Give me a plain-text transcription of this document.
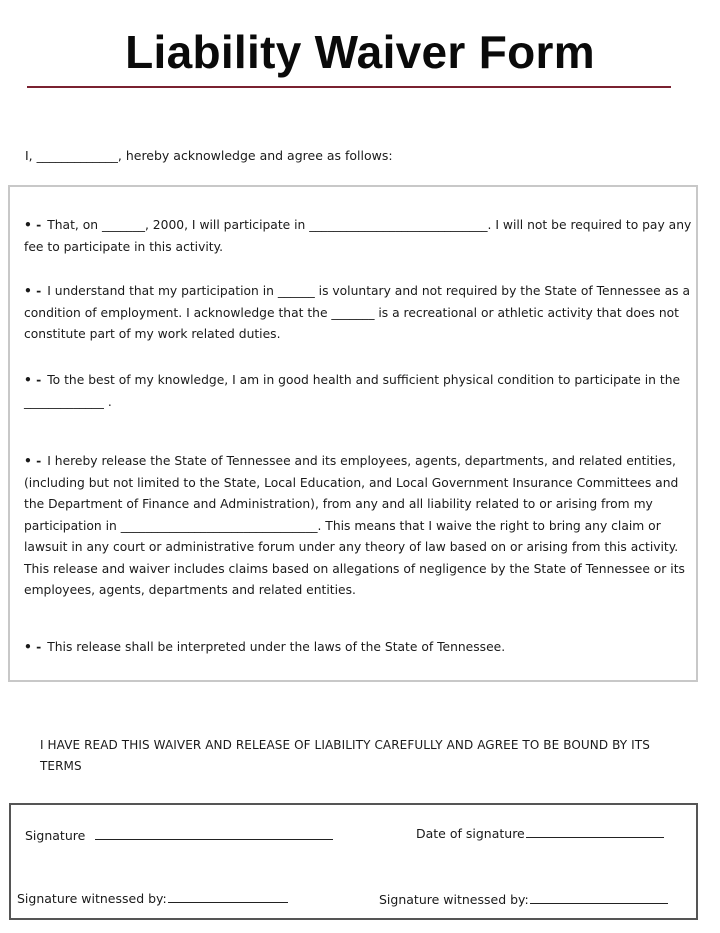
Liability Waiver Form
I, _____________, hereby acknowledge and agree as follows:

• - That, on _______, 2000, I will participate in _____________________________. I will not be required to pay any fee to participate in this activity.

• - I understand that my participation in ______ is voluntary and not required by the State of Tennessee as a condition of employment. I acknowledge that the _______ is a recreational or athletic activity that does not constitute part of my work related duties.

• - To the best of my knowledge, I am in good health and sufficient physical condition to participate in the _____________ .

• - I hereby release the State of Tennessee and its employees, agents, departments, and related entities, (including but not limited to the State, Local Education, and Local Government Insurance Committees and the Department of Finance and Administration), from any and all liability related to or arising from my participation in ________________________________. This means that I waive the right to bring any claim or lawsuit in any court or administrative forum under any theory of law based on or arising from this activity. This release and waiver includes claims based on allegations of negligence by the State of Tennessee or its employees, agents, departments and related entities.

• - This release shall be interpreted under the laws of the State of Tennessee.

I HAVE READ THIS WAIVER AND RELEASE OF LIABILITY CAREFULLY AND AGREE TO BE BOUND BY ITS TERMS
Signature	Date of signature
Signature witnessed by:	Signature witnessed by:
